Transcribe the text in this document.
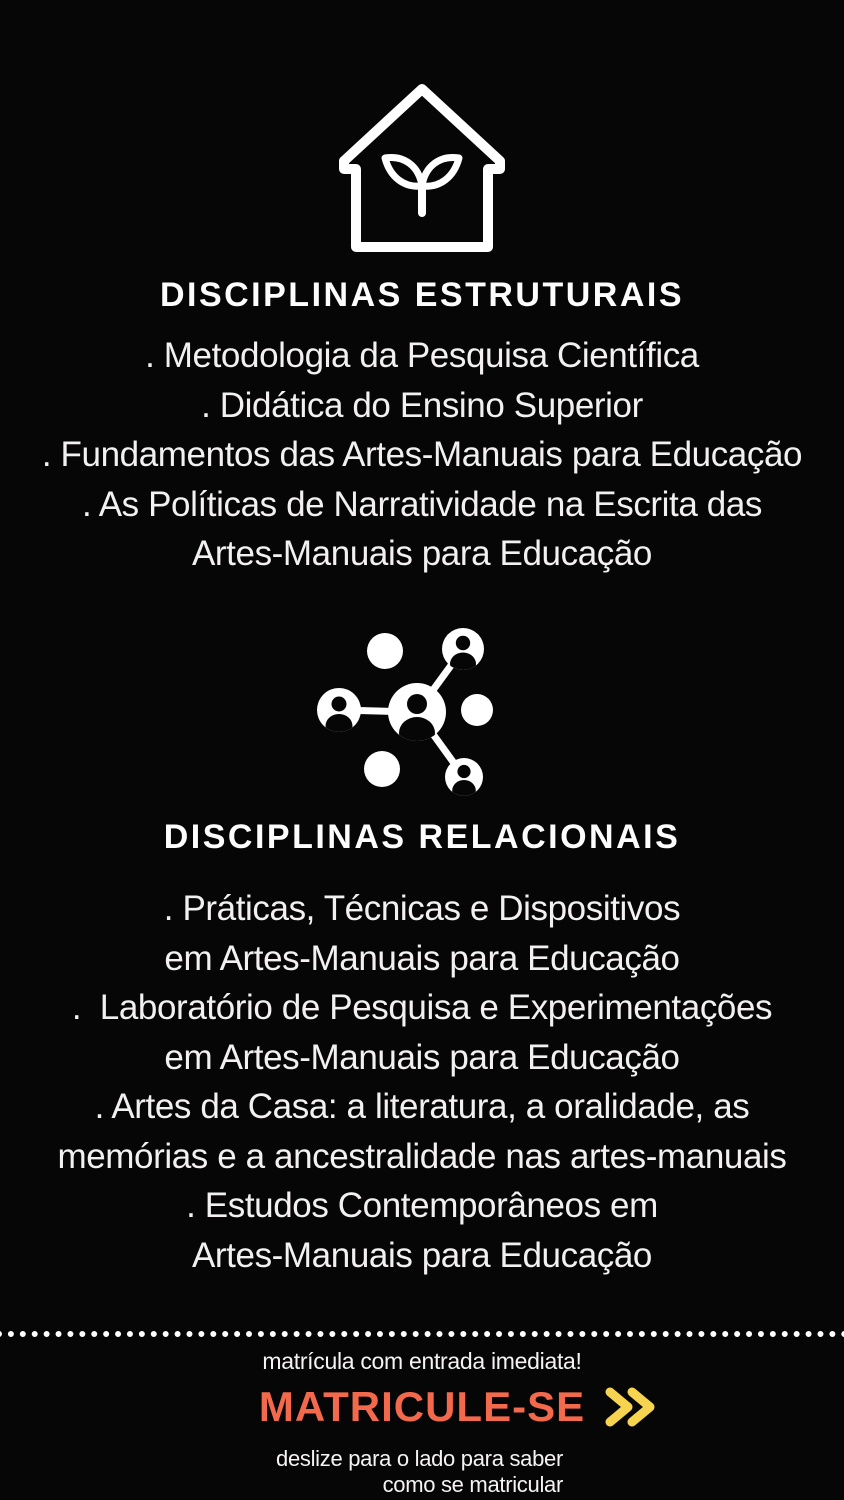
DISCIPLINAS ESTRUTURAIS
. Metodologia da Pesquisa Científica
. Didática do Ensino Superior
. Fundamentos das Artes-Manuais para Educação
. As Políticas de Narratividade na Escrita das
Artes-Manuais para Educação
DISCIPLINAS RELACIONAIS
. Práticas, Técnicas e Dispositivos
em Artes-Manuais para Educação
.  Laboratório de Pesquisa e Experimentações
em Artes-Manuais para Educação
. Artes da Casa: a literatura, a oralidade, as
memórias e a ancestralidade nas artes-manuais
. Estudos Contemporâneos em
Artes-Manuais para Educação
matrícula com entrada imediata!
MATRICULE-SE
deslize para o lado para saber
como se matricular
